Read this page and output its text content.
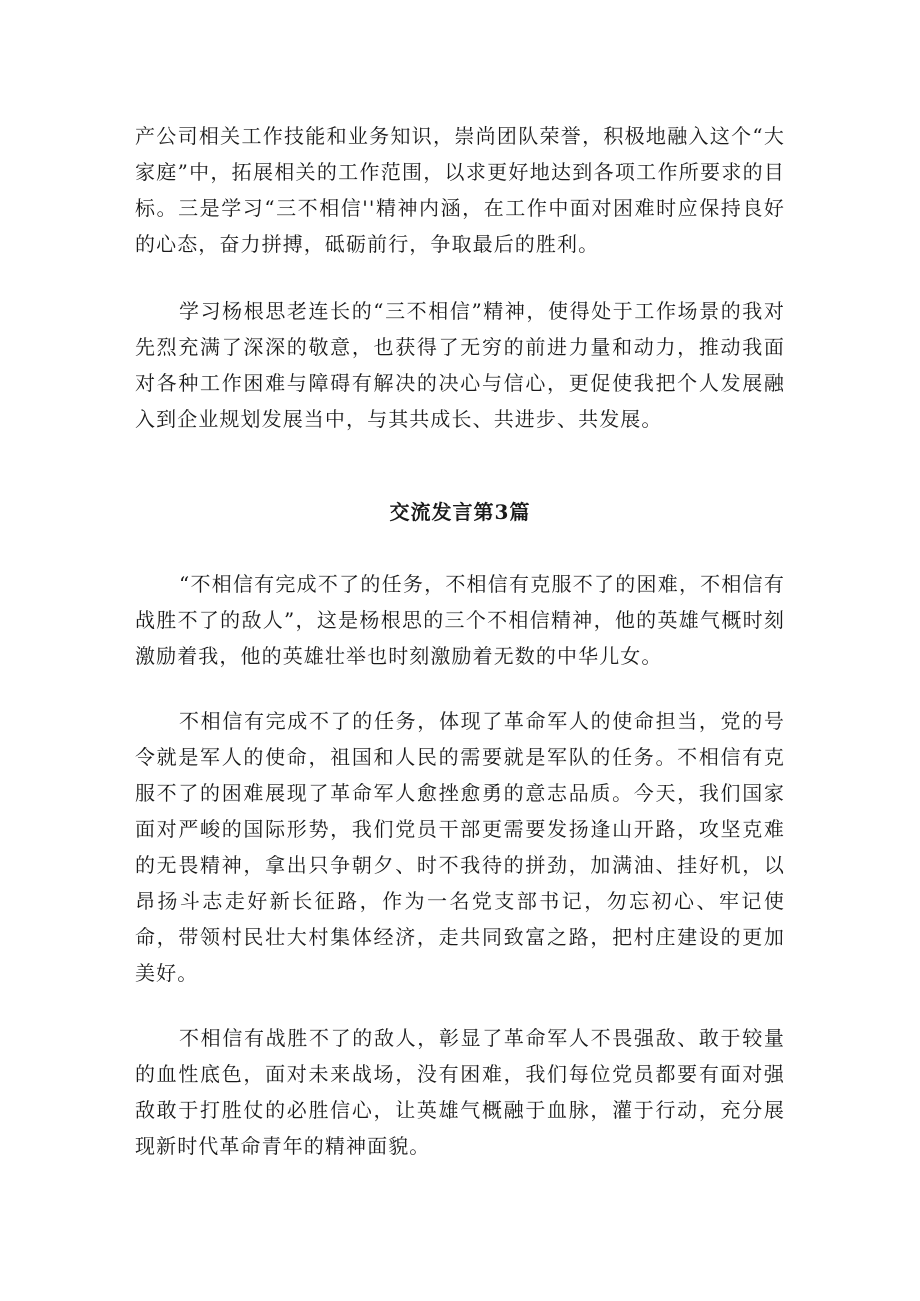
产公司相关工作技能和业务知识，崇尚团队荣誉，积极地融入这个“大家庭”中，拓展相关的工作范围，以求更好地达到各项工作所要求的目标。三是学习“三不相信''精神内涵，在工作中面对困难时应保持良好的心态，奋力拼搏，砥砺前行，争取最后的胜利。

学习杨根思老连长的“三不相信”精神，使得处于工作场景的我对先烈充满了深深的敬意，也获得了无穷的前进力量和动力，推动我面对各种工作困难与障碍有解决的决心与信心，更促使我把个人发展融入到企业规划发展当中，与其共成长、共进步、共发展。

交流发言第3篇

“不相信有完成不了的任务，不相信有克服不了的困难，不相信有战胜不了的敌人”，这是杨根思的三个不相信精神，他的英雄气概时刻激励着我，他的英雄壮举也时刻激励着无数的中华儿女。

不相信有完成不了的任务，体现了革命军人的使命担当，党的号令就是军人的使命，祖国和人民的需要就是军队的任务。不相信有克服不了的困难展现了革命军人愈挫愈勇的意志品质。今天，我们国家面对严峻的国际形势，我们党员干部更需要发扬逢山开路，攻坚克难的无畏精神，拿出只争朝夕、时不我待的拼劲，加满油、挂好机，以昂扬斗志走好新长征路，作为一名党支部书记，勿忘初心、牢记使命，带领村民壮大村集体经济，走共同致富之路，把村庄建设的更加美好。

不相信有战胜不了的敌人，彰显了革命军人不畏强敌、敢于较量的血性底色，面对未来战场，没有困难，我们每位党员都要有面对强敌敢于打胜仗的必胜信心，让英雄气概融于血脉，灌于行动，充分展现新时代革命青年的精神面貌。
